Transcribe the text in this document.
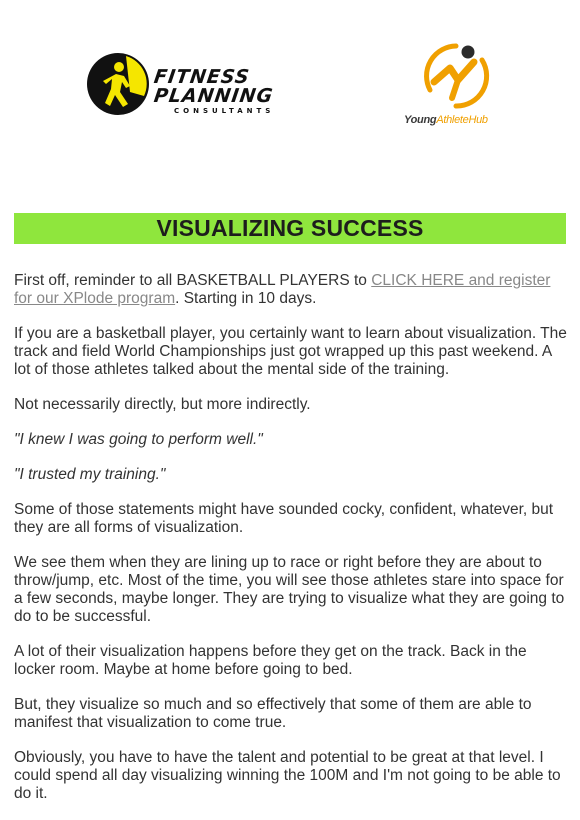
FITNESS
PLANNING
CONSULTANTS
YoungAthleteHub
VISUALIZING SUCCESS

First off, reminder to all BASKETBALL PLAYERS to CLICK HERE and register for our XPlode program. Starting in 10 days.

If you are a basketball player, you certainly want to learn about visualization. The track and field World Championships just got wrapped up this past weekend. A lot of those athletes talked about the mental side of the training.

Not necessarily directly, but more indirectly.

"I knew I was going to perform well."

"I trusted my training."

Some of those statements might have sounded cocky, confident, whatever, but they are all forms of visualization.

We see them when they are lining up to race or right before they are about to throw/jump, etc. Most of the time, you will see those athletes stare into space for a few seconds, maybe longer. They are trying to visualize what they are going to do to be successful.

A lot of their visualization happens before they get on the track. Back in the locker room. Maybe at home before going to bed.

But, they visualize so much and so effectively that some of them are able to manifest that visualization to come true.

Obviously, you have to have the talent and potential to be great at that level. I could spend all day visualizing winning the 100M and I'm not going to be able to do it.
